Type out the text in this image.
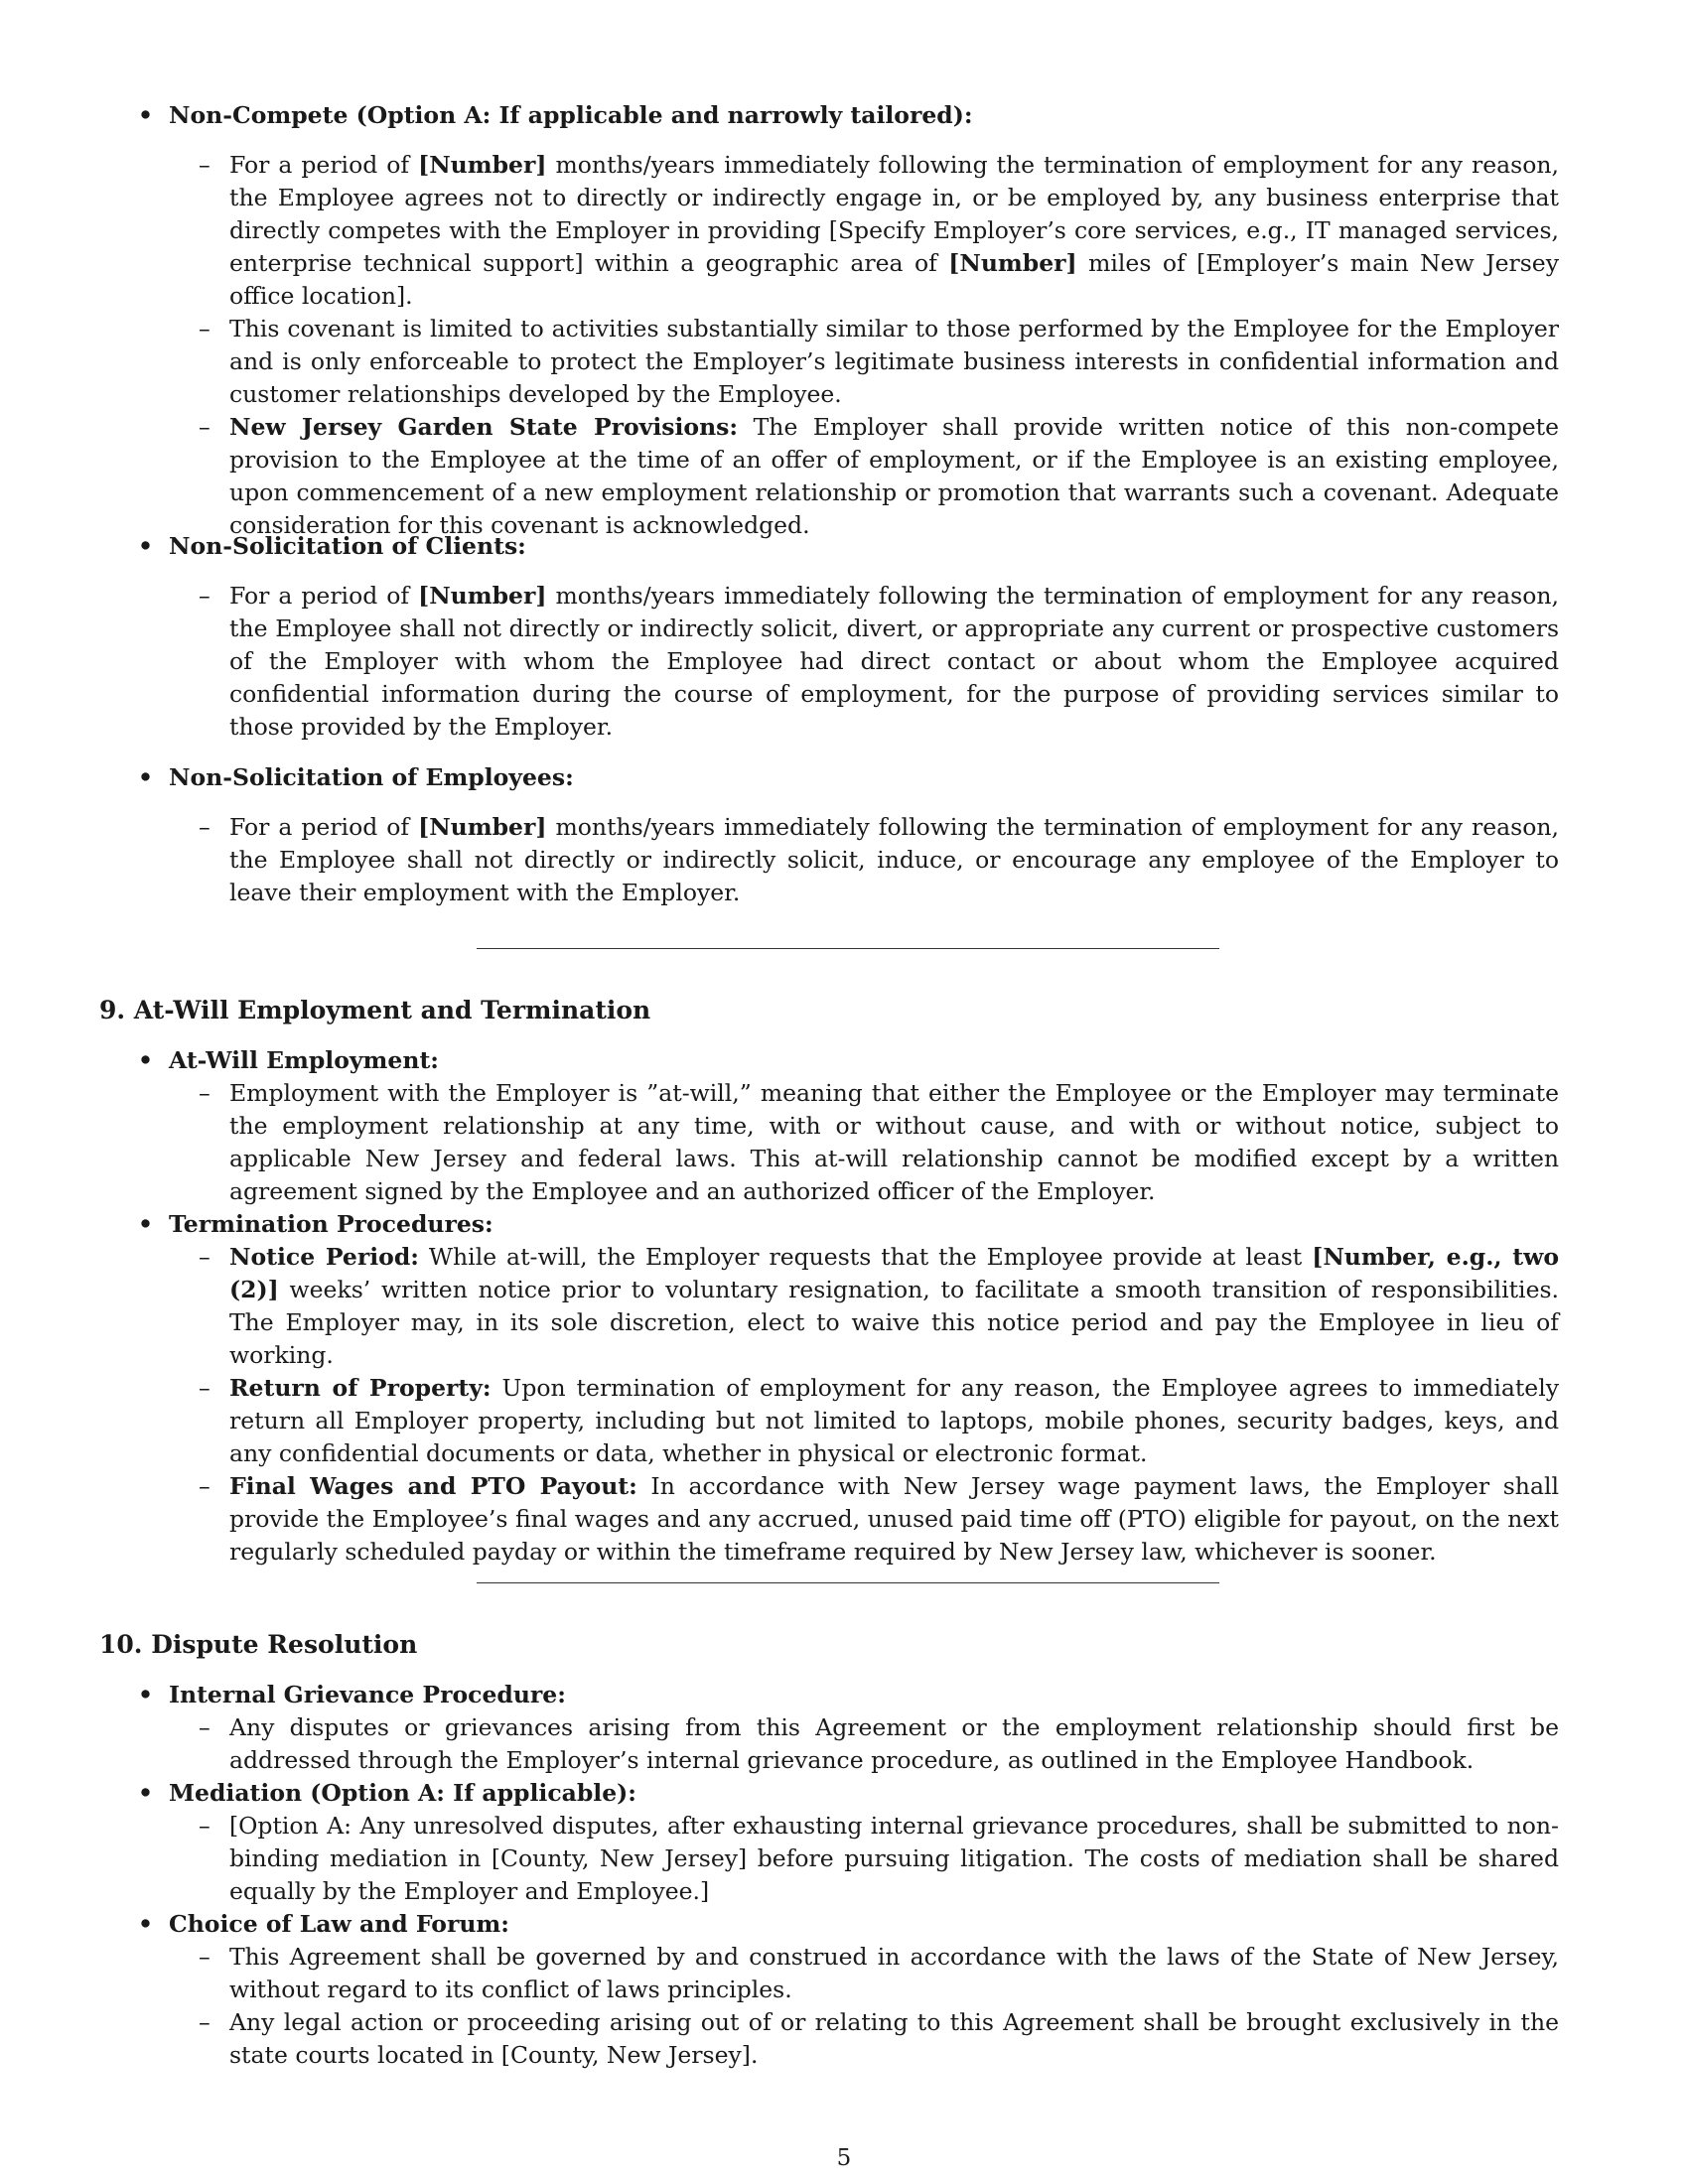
• Non-Compete (Option A: If applicable and narrowly tailored):

– For a period of [Number] months/years immediately following the termination of employment for any reason, the Employee agrees not to directly or indirectly engage in, or be employed by, any business enterprise that directly competes with the Employer in providing [Specify Employer’s core services, e.g., IT managed services, enterprise technical support] within a geographic area of [Number] miles of [Employer’s main New Jersey office location].
– This covenant is limited to activities substantially similar to those performed by the Employee for the Employer and is only enforceable to protect the Employer’s legitimate business interests in confidential information and customer relationships developed by the Employee.
– New Jersey Garden State Provisions: The Employer shall provide written notice of this non-compete provision to the Employee at the time of an offer of employment, or if the Employee is an existing employee, upon commencement of a new employment relationship or promotion that warrants such a covenant. Adequate consideration for this covenant is acknowledged.

• Non-Solicitation of Clients:

– For a period of [Number] months/years immediately following the termination of employment for any reason, the Employee shall not directly or indirectly solicit, divert, or appropriate any current or prospective customers of the Employer with whom the Employee had direct contact or about whom the Employee acquired confidential information during the course of employment, for the purpose of providing services similar to those provided by the Employer.

• Non-Solicitation of Employees:

– For a period of [Number] months/years immediately following the termination of employment for any reason, the Employee shall not directly or indirectly solicit, induce, or encourage any employee of the Employer to leave their employment with the Employer.
9. At-Will Employment and Termination

• At-Will Employment:

– Employment with the Employer is ”at-will,” meaning that either the Employee or the Employer may terminate the employment relationship at any time, with or without cause, and with or without notice, subject to applicable New Jersey and federal laws. This at-will relationship cannot be modified except by a written agreement signed by the Employee and an authorized officer of the Employer.

• Termination Procedures:

– Notice Period: While at-will, the Employer requests that the Employee provide at least [Number, e.g., two (2)] weeks’ written notice prior to voluntary resignation, to facilitate a smooth transition of responsibilities. The Employer may, in its sole discretion, elect to waive this notice period and pay the Employee in lieu of working.
– Return of Property: Upon termination of employment for any reason, the Employee agrees to immediately return all Employer property, including but not limited to laptops, mobile phones, security badges, keys, and any confidential documents or data, whether in physical or electronic format.
– Final Wages and PTO Payout: In accordance with New Jersey wage payment laws, the Employer shall provide the Employee’s final wages and any accrued, unused paid time off (PTO) eligible for payout, on the next regularly scheduled payday or within the timeframe required by New Jersey law, whichever is sooner.
10. Dispute Resolution

• Internal Grievance Procedure:

– Any disputes or grievances arising from this Agreement or the employment relationship should first be addressed through the Employer’s internal grievance procedure, as outlined in the Employee Handbook.

• Mediation (Option A: If applicable):

– [Option A: Any unresolved disputes, after exhausting internal grievance procedures, shall be submitted to non-binding mediation in [County, New Jersey] before pursuing litigation. The costs of mediation shall be shared equally by the Employer and Employee.]

• Choice of Law and Forum:

– This Agreement shall be governed by and construed in accordance with the laws of the State of New Jersey, without regard to its conflict of laws principles.
– Any legal action or proceeding arising out of or relating to this Agreement shall be brought exclusively in the state courts located in [County, New Jersey].
5
